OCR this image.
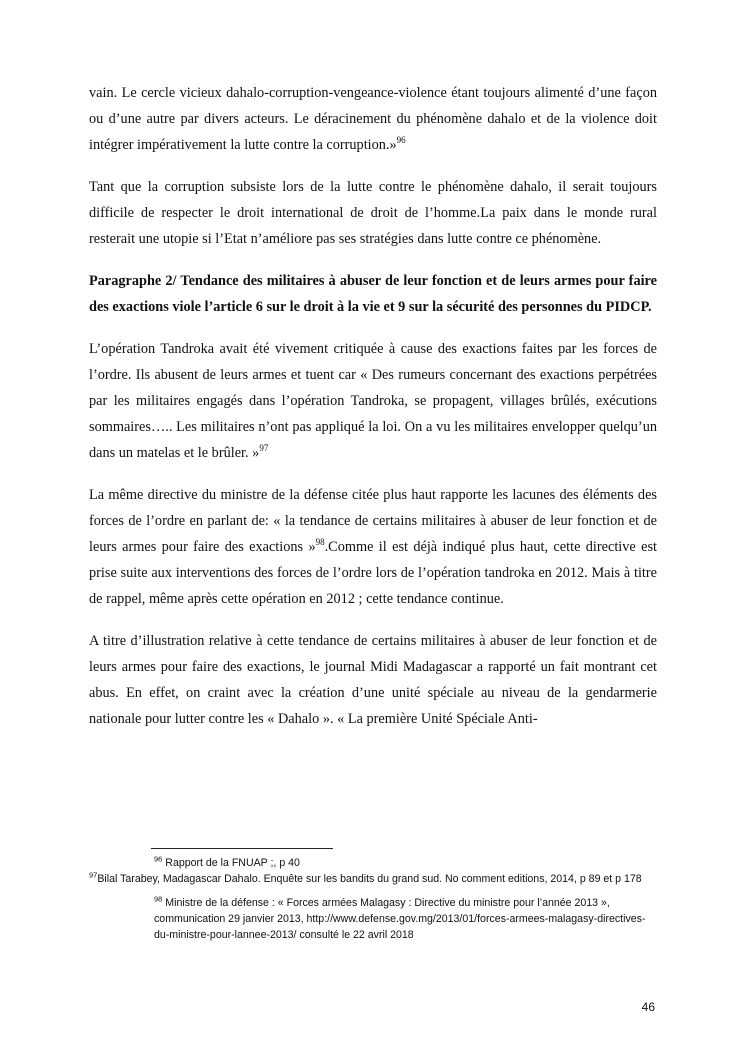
vain. Le cercle vicieux dahalo-corruption-vengeance-violence étant toujours alimenté d’une façon ou d’une autre par divers acteurs. Le déracinement du phénomène dahalo et de la violence doit intégrer impérativement la lutte contre la corruption.»$^{96}$

Tant que la corruption subsiste lors de la lutte contre le phénomène dahalo, il serait toujours difficile de respecter le droit international de droit de l’homme.La paix dans le monde rural resterait une utopie si l’Etat n’améliore pas ses stratégies dans lutte contre ce phénomène.

Paragraphe 2/ Tendance des militaires à abuser de leur fonction et de leurs armes pour faire des exactions viole l’article 6 sur le droit à la vie et 9 sur la sécurité des personnes du PIDCP.

L’opération Tandroka avait été vivement critiquée à cause des exactions faites par les forces de l’ordre. Ils abusent de leurs armes et tuent car « Des rumeurs concernant des exactions perpétrées par les militaires engagés dans l’opération Tandroka, se propagent, villages brûlés, exécutions sommaires….. Les militaires n’ont pas appliqué la loi. On a vu les militaires envelopper quelqu’un dans un matelas et le brûler. »$^{97}$

La même directive du ministre de la défense citée plus haut rapporte les lacunes des éléments des forces de l’ordre en parlant de: « la tendance de certains militaires à abuser de leur fonction et de leurs armes pour faire des exactions »$^{98}$.Comme il est déjà indiqué plus haut, cette directive est prise suite aux interventions des forces de l’ordre lors de l’opération tandroka en 2012. Mais à titre de rappel, même après cette opération en 2012 ; cette tendance continue.

A titre d’illustration relative à cette tendance de certains militaires à abuser de leur fonction et de leurs armes pour faire des exactions, le journal Midi Madagascar a rapporté un fait montrant cet abus. En effet, on craint avec la création d’une unité spéciale au niveau de la gendarmerie nationale pour lutter contre les « Dahalo ». « La première Unité Spéciale Anti-

$^{96}$ Rapport de la FNUAP ;, p 40

$^{97}$Bilal Tarabey, Madagascar Dahalo. Enquête sur les bandits du grand sud. No comment editions, 2014, p 89 et p 178

$^{98}$ Ministre de la défense : « Forces armées Malagasy : Directive du ministre pour l’année 2013 », communication 29 janvier 2013, http://www.defense.gov.mg/2013/01/forces-armees-malagasy-directives-du-ministre-pour-lannee-2013/ consulté le 22 avril 2018

46
